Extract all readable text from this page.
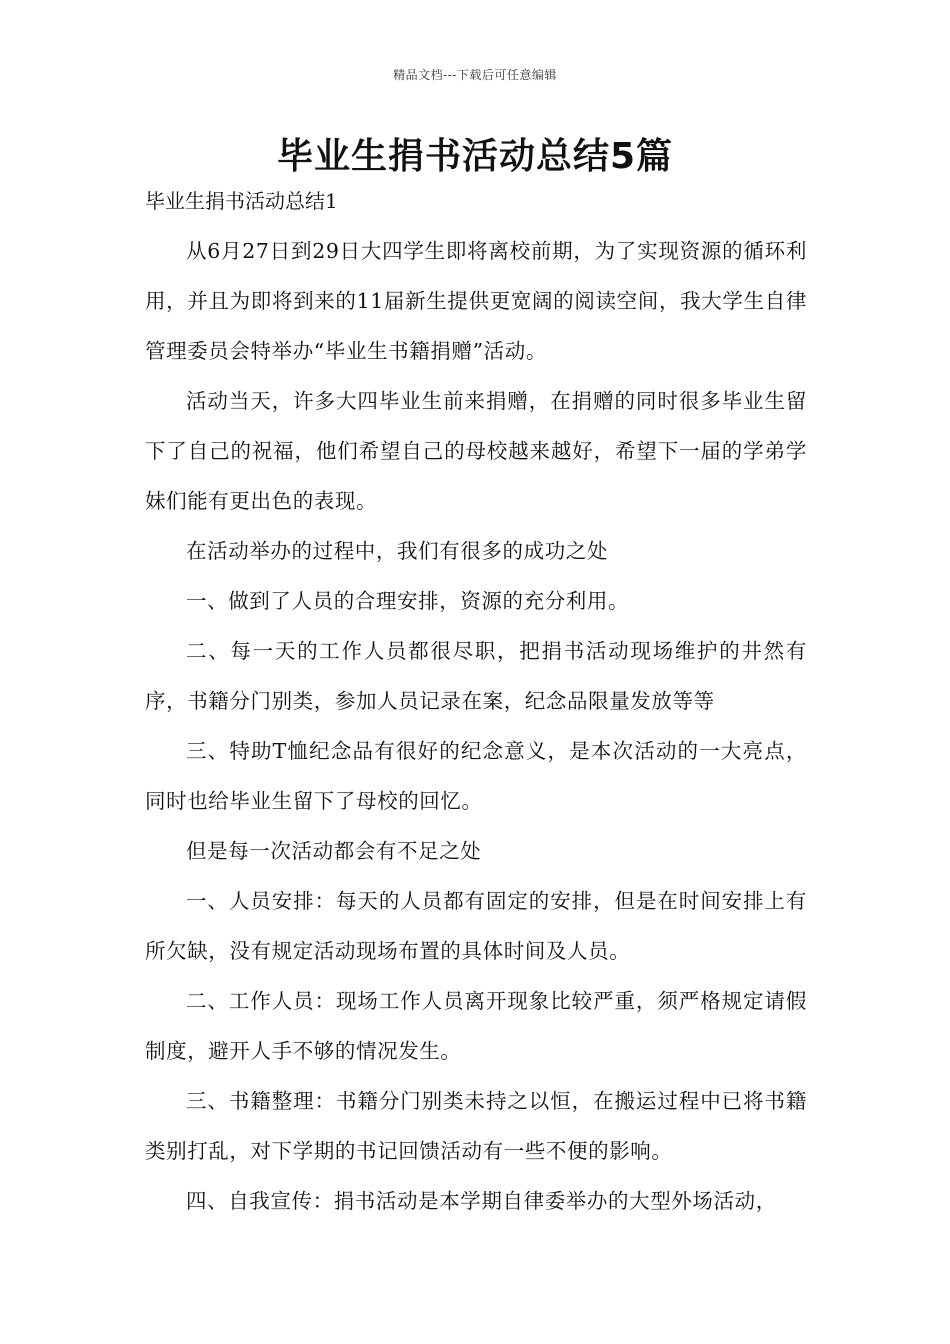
精品文档---下载后可任意编辑
毕业生捐书活动总结5篇

毕业生捐书活动总结1

从6月27日到29日大四学生即将离校前期，为了实现资源的循环利用，并且为即将到来的11届新生提供更宽阔的阅读空间，我大学生自律管理委员会特举办“毕业生书籍捐赠”活动。

活动当天，许多大四毕业生前来捐赠，在捐赠的同时很多毕业生留下了自己的祝福，他们希望自己的母校越来越好，希望下一届的学弟学妹们能有更出色的表现。

在活动举办的过程中，我们有很多的成功之处

一、做到了人员的合理安排，资源的充分利用。

二、每一天的工作人员都很尽职，把捐书活动现场维护的井然有序，书籍分门别类，参加人员记录在案，纪念品限量发放等等

三、特助T恤纪念品有很好的纪念意义，是本次活动的一大亮点，同时也给毕业生留下了母校的回忆。

但是每一次活动都会有不足之处

一、人员安排：每天的人员都有固定的安排，但是在时间安排上有所欠缺，没有规定活动现场布置的具体时间及人员。

二、工作人员：现场工作人员离开现象比较严重，须严格规定请假制度，避开人手不够的情况发生。

三、书籍整理：书籍分门别类未持之以恒，在搬运过程中已将书籍类别打乱，对下学期的书记回馈活动有一些不便的影响。

四、自我宣传：捐书活动是本学期自律委举办的大型外场活动，
